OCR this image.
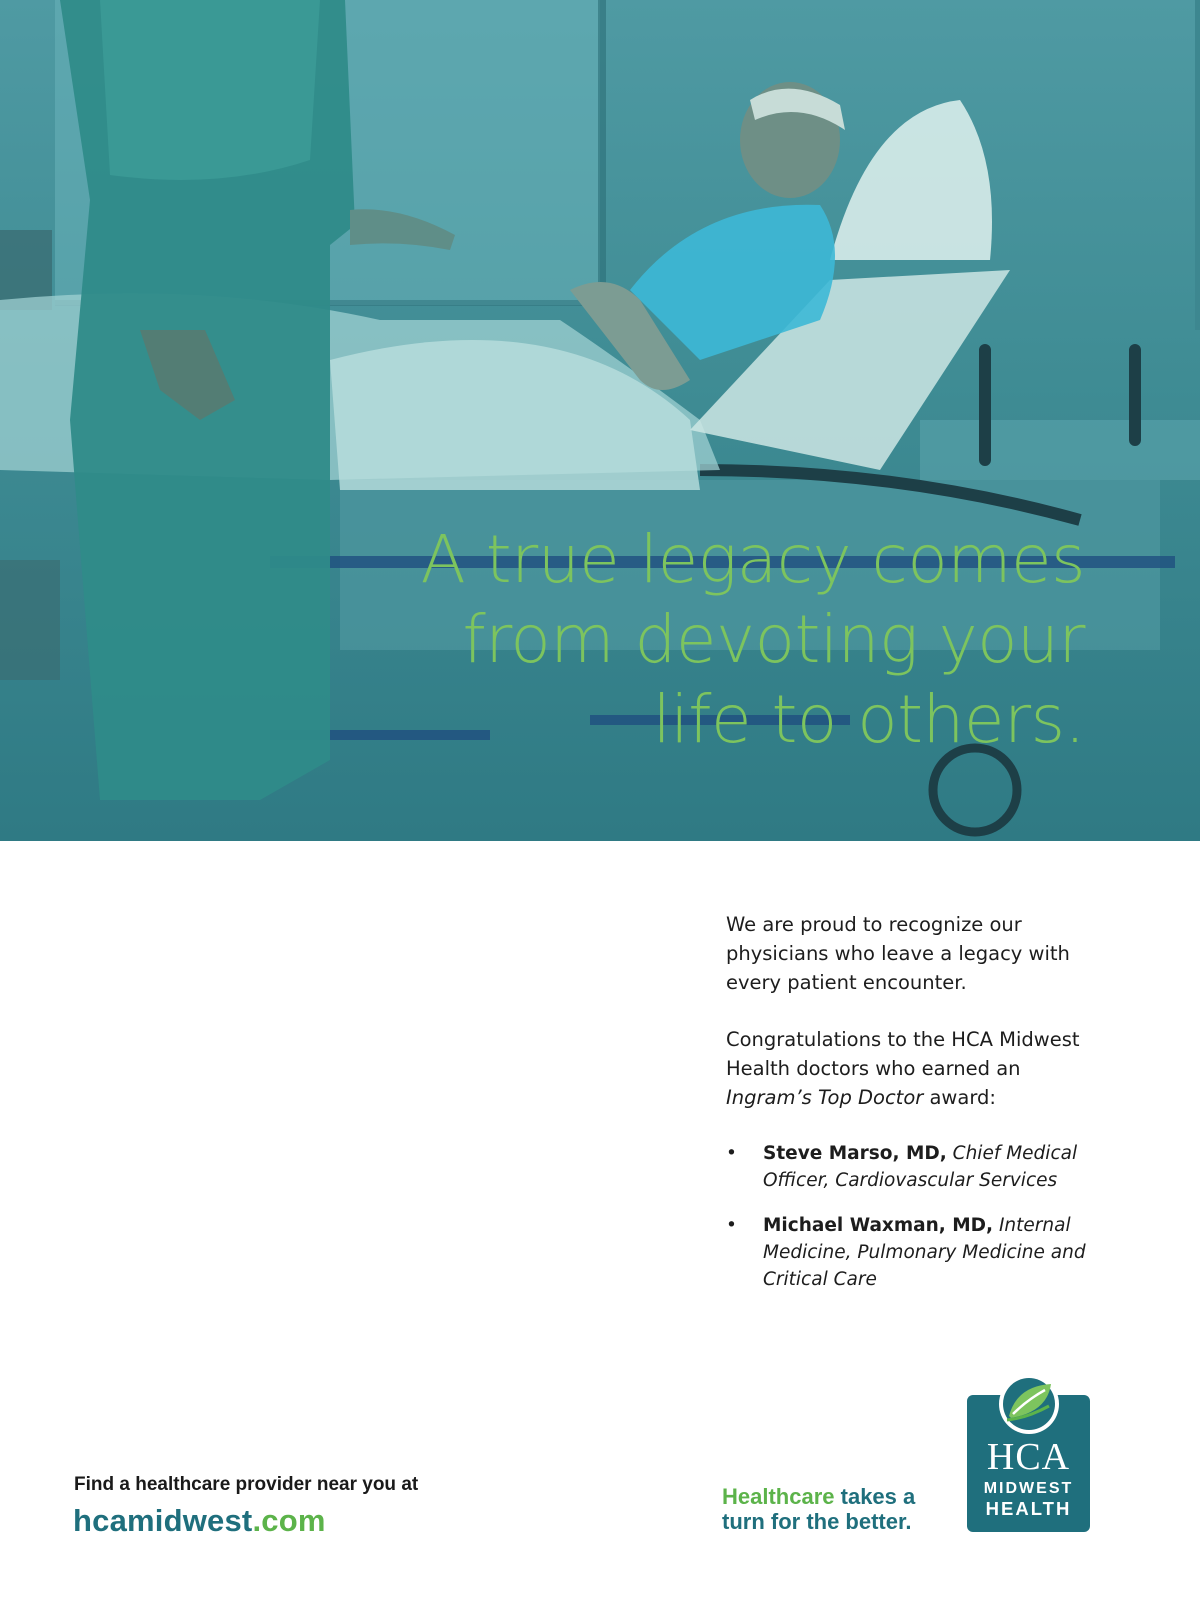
A true legacy comes
from devoting your
life to others.

We are proud to recognize our physicians who leave a legacy with every patient encounter.

Congratulations to the HCA Midwest Health doctors who earned an Ingram’s Top Doctor award:

• Steve Marso, MD, Chief Medical Officer, Cardiovascular Services
• Michael Waxman, MD, Internal Medicine, Pulmonary Medicine and Critical Care
Find a healthcare provider near you at
hcamidwest.com
Healthcare takes a
turn for the better.
HCA
MIDWEST
HEALTH
